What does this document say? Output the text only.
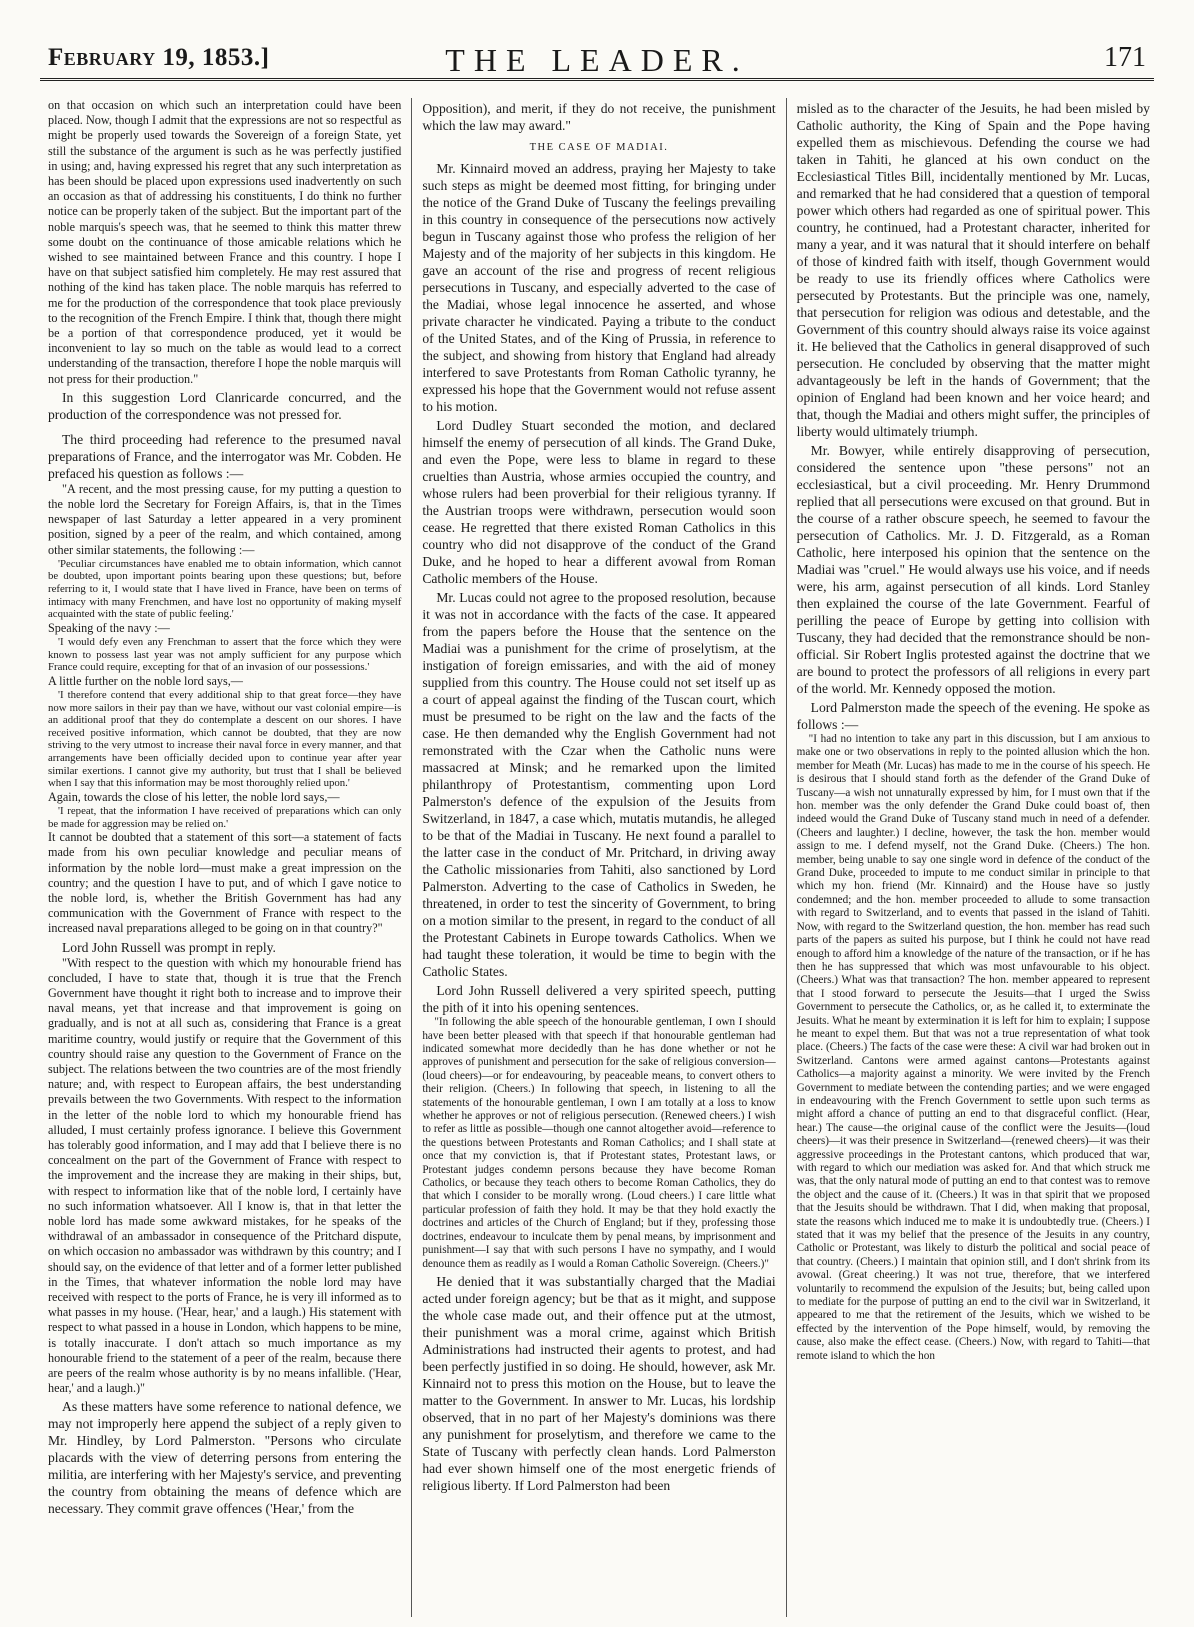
February 19, 1853.]	THE LEADER.	171

on that occasion on which such an interpretation could have been placed. Now, though I admit that the expressions are not so respectful as might be properly used towards the Sovereign of a foreign State, yet still the substance of the argument is such as he was perfectly justified in using; and, having expressed his regret that any such interpretation as has been should be placed upon expressions used inadvertently on such an occasion as that of addressing his constituents, I do think no further notice can be properly taken of the subject. But the important part of the noble marquis's speech was, that he seemed to think this matter threw some doubt on the continuance of those amicable relations which he wished to see maintained between France and this country. I hope I have on that subject satisfied him completely. He may rest assured that nothing of the kind has taken place. The noble marquis has referred to me for the production of the correspondence that took place previously to the recognition of the French Empire. I think that, though there might be a portion of that correspondence produced, yet it would be inconvenient to lay so much on the table as would lead to a correct understanding of the transaction, therefore I hope the noble marquis will not press for their production."

In this suggestion Lord Clanricarde concurred, and the production of the correspondence was not pressed for.

The third proceeding had reference to the presumed naval preparations of France, and the interrogator was Mr. Cobden. He prefaced his question as follows :—

"A recent, and the most pressing cause, for my putting a question to the noble lord the Secretary for Foreign Affairs, is, that in the Times newspaper of last Saturday a letter appeared in a very prominent position, signed by a peer of the realm, and which contained, among other similar statements, the following :—

'Peculiar circumstances have enabled me to obtain information, which cannot be doubted, upon important points bearing upon these questions; but, before referring to it, I would state that I have lived in France, have been on terms of intimacy with many Frenchmen, and have lost no opportunity of making myself acquainted with the state of public feeling.'

Speaking of the navy :—

'I would defy even any Frenchman to assert that the force which they were known to possess last year was not amply sufficient for any purpose which France could require, excepting for that of an invasion of our possessions.'

A little further on the noble lord says,—

'I therefore contend that every additional ship to that great force—they have now more sailors in their pay than we have, without our vast colonial empire—is an additional proof that they do contemplate a descent on our shores. I have received positive information, which cannot be doubted, that they are now striving to the very utmost to increase their naval force in every manner, and that arrangements have been officially decided upon to continue year after year similar exertions. I cannot give my authority, but trust that I shall be believed when I say that this information may be most thoroughly relied upon.'

Again, towards the close of his letter, the noble lord says,—

'I repeat, that the information I have received of preparations which can only be made for aggression may be relied on.'

It cannot be doubted that a statement of this sort—a statement of facts made from his own peculiar knowledge and peculiar means of information by the noble lord—must make a great impression on the country; and the question I have to put, and of which I gave notice to the noble lord, is, whether the British Government has had any communication with the Government of France with respect to the increased naval preparations alleged to be going on in that country?"

Lord John Russell was prompt in reply.

"With respect to the question with which my honourable friend has concluded, I have to state that, though it is true that the French Government have thought it right both to increase and to improve their naval means, yet that increase and that improvement is going on gradually, and is not at all such as, considering that France is a great maritime country, would justify or require that the Government of this country should raise any question to the Government of France on the subject. The relations between the two countries are of the most friendly nature; and, with respect to European affairs, the best understanding prevails between the two Governments. With respect to the information in the letter of the noble lord to which my honourable friend has alluded, I must certainly profess ignorance. I believe this Government has tolerably good information, and I may add that I believe there is no concealment on the part of the Government of France with respect to the improvement and the increase they are making in their ships, but, with respect to information like that of the noble lord, I certainly have no such information whatsoever. All I know is, that in that letter the noble lord has made some awkward mistakes, for he speaks of the withdrawal of an ambassador in consequence of the Pritchard dispute, on which occasion no ambassador was withdrawn by this country; and I should say, on the evidence of that letter and of a former letter published in the Times, that whatever information the noble lord may have received with respect to the ports of France, he is very ill informed as to what passes in my house. ('Hear, hear,' and a laugh.) His statement with respect to what passed in a house in London, which happens to be mine, is totally inaccurate. I don't attach so much importance as my honourable friend to the statement of a peer of the realm, because there are peers of the realm whose authority is by no means infallible. ('Hear, hear,' and a laugh.)"

As these matters have some reference to national defence, we may not improperly here append the subject of a reply given to Mr. Hindley, by Lord Palmerston. "Persons who circulate placards with the view of deterring persons from entering the militia, are interfering with her Majesty's service, and preventing the country from obtaining the means of defence which are necessary. They commit grave offences ('Hear,' from the

Opposition), and merit, if they do not receive, the punishment which the law may award."

THE CASE OF MADIAI.

Mr. Kinnaird moved an address, praying her Majesty to take such steps as might be deemed most fitting, for bringing under the notice of the Grand Duke of Tuscany the feelings prevailing in this country in consequence of the persecutions now actively begun in Tuscany against those who profess the religion of her Majesty and of the majority of her subjects in this kingdom. He gave an account of the rise and progress of recent religious persecutions in Tuscany, and especially adverted to the case of the Madiai, whose legal innocence he asserted, and whose private character he vindicated. Paying a tribute to the conduct of the United States, and of the King of Prussia, in reference to the subject, and showing from history that England had already interfered to save Protestants from Roman Catholic tyranny, he expressed his hope that the Government would not refuse assent to his motion.

Lord Dudley Stuart seconded the motion, and declared himself the enemy of persecution of all kinds. The Grand Duke, and even the Pope, were less to blame in regard to these cruelties than Austria, whose armies occupied the country, and whose rulers had been proverbial for their religious tyranny. If the Austrian troops were withdrawn, persecution would soon cease. He regretted that there existed Roman Catholics in this country who did not disapprove of the conduct of the Grand Duke, and he hoped to hear a different avowal from Roman Catholic members of the House.

Mr. Lucas could not agree to the proposed resolution, because it was not in accordance with the facts of the case. It appeared from the papers before the House that the sentence on the Madiai was a punishment for the crime of proselytism, at the instigation of foreign emissaries, and with the aid of money supplied from this country. The House could not set itself up as a court of appeal against the finding of the Tuscan court, which must be presumed to be right on the law and the facts of the case. He then demanded why the English Government had not remonstrated with the Czar when the Catholic nuns were massacred at Minsk; and he remarked upon the limited philanthropy of Protestantism, commenting upon Lord Palmerston's defence of the expulsion of the Jesuits from Switzerland, in 1847, a case which, mutatis mutandis, he alleged to be that of the Madiai in Tuscany. He next found a parallel to the latter case in the conduct of Mr. Pritchard, in driving away the Catholic missionaries from Tahiti, also sanctioned by Lord Palmerston. Adverting to the case of Catholics in Sweden, he threatened, in order to test the sincerity of Government, to bring on a motion similar to the present, in regard to the conduct of all the Protestant Cabinets in Europe towards Catholics. When we had taught these toleration, it would be time to begin with the Catholic States.

Lord John Russell delivered a very spirited speech, putting the pith of it into his opening sentences.

"In following the able speech of the honourable gentleman, I own I should have been better pleased with that speech if that honourable gentleman had indicated somewhat more decidedly than he has done whether or not he approves of punishment and persecution for the sake of religious conversion—(loud cheers)—or for endeavouring, by peaceable means, to convert others to their religion. (Cheers.) In following that speech, in listening to all the statements of the honourable gentleman, I own I am totally at a loss to know whether he approves or not of religious persecution. (Renewed cheers.) I wish to refer as little as possible—though one cannot altogether avoid—reference to the questions between Protestants and Roman Catholics; and I shall state at once that my conviction is, that if Protestant states, Protestant laws, or Protestant judges condemn persons because they have become Roman Catholics, or because they teach others to become Roman Catholics, they do that which I consider to be morally wrong. (Loud cheers.) I care little what particular profession of faith they hold. It may be that they hold exactly the doctrines and articles of the Church of England; but if they, professing those doctrines, endeavour to inculcate them by penal means, by imprisonment and punishment—I say that with such persons I have no sympathy, and I would denounce them as readily as I would a Roman Catholic Sovereign. (Cheers.)"

He denied that it was substantially charged that the Madiai acted under foreign agency; but be that as it might, and suppose the whole case made out, and their offence put at the utmost, their punishment was a moral crime, against which British Administrations had instructed their agents to protest, and had been perfectly justified in so doing. He should, however, ask Mr. Kinnaird not to press this motion on the House, but to leave the matter to the Government. In answer to Mr. Lucas, his lordship observed, that in no part of her Majesty's dominions was there any punishment for proselytism, and therefore we came to the State of Tuscany with perfectly clean hands. Lord Palmerston had ever shown himself one of the most energetic friends of religious liberty. If Lord Palmerston had been

misled as to the character of the Jesuits, he had been misled by Catholic authority, the King of Spain and the Pope having expelled them as mischievous. Defending the course we had taken in Tahiti, he glanced at his own conduct on the Ecclesiastical Titles Bill, incidentally mentioned by Mr. Lucas, and remarked that he had considered that a question of temporal power which others had regarded as one of spiritual power. This country, he continued, had a Protestant character, inherited for many a year, and it was natural that it should interfere on behalf of those of kindred faith with itself, though Government would be ready to use its friendly offices where Catholics were persecuted by Protestants. But the principle was one, namely, that persecution for religion was odious and detestable, and the Government of this country should always raise its voice against it. He believed that the Catholics in general disapproved of such persecution. He concluded by observing that the matter might advantageously be left in the hands of Government; that the opinion of England had been known and her voice heard; and that, though the Madiai and others might suffer, the principles of liberty would ultimately triumph.

Mr. Bowyer, while entirely disapproving of persecution, considered the sentence upon "these persons" not an ecclesiastical, but a civil proceeding. Mr. Henry Drummond replied that all persecutions were excused on that ground. But in the course of a rather obscure speech, he seemed to favour the persecution of Catholics. Mr. J. D. Fitzgerald, as a Roman Catholic, here interposed his opinion that the sentence on the Madiai was "cruel." He would always use his voice, and if needs were, his arm, against persecution of all kinds. Lord Stanley then explained the course of the late Government. Fearful of perilling the peace of Europe by getting into collision with Tuscany, they had decided that the remonstrance should be non-official. Sir Robert Inglis protested against the doctrine that we are bound to protect the professors of all religions in every part of the world. Mr. Kennedy opposed the motion.

Lord Palmerston made the speech of the evening. He spoke as follows :—

"I had no intention to take any part in this discussion, but I am anxious to make one or two observations in reply to the pointed allusion which the hon. member for Meath (Mr. Lucas) has made to me in the course of his speech. He is desirous that I should stand forth as the defender of the Grand Duke of Tuscany—a wish not unnaturally expressed by him, for I must own that if the hon. member was the only defender the Grand Duke could boast of, then indeed would the Grand Duke of Tuscany stand much in need of a defender. (Cheers and laughter.) I decline, however, the task the hon. member would assign to me. I defend myself, not the Grand Duke. (Cheers.) The hon. member, being unable to say one single word in defence of the conduct of the Grand Duke, proceeded to impute to me conduct similar in principle to that which my hon. friend (Mr. Kinnaird) and the House have so justly condemned; and the hon. member proceeded to allude to some transaction with regard to Switzerland, and to events that passed in the island of Tahiti. Now, with regard to the Switzerland question, the hon. member has read such parts of the papers as suited his purpose, but I think he could not have read enough to afford him a knowledge of the nature of the transaction, or if he has then he has suppressed that which was most unfavourable to his object. (Cheers.) What was that transaction? The hon. member appeared to represent that I stood forward to persecute the Jesuits—that I urged the Swiss Government to persecute the Catholics, or, as he called it, to exterminate the Jesuits. What he meant by extermination it is left for him to explain; I suppose he meant to expel them. But that was not a true representation of what took place. (Cheers.) The facts of the case were these: A civil war had broken out in Switzerland. Cantons were armed against cantons—Protestants against Catholics—a majority against a minority. We were invited by the French Government to mediate between the contending parties; and we were engaged in endeavouring with the French Government to settle upon such terms as might afford a chance of putting an end to that disgraceful conflict. (Hear, hear.) The cause—the original cause of the conflict were the Jesuits—(loud cheers)—it was their presence in Switzerland—(renewed cheers)—it was their aggressive proceedings in the Protestant cantons, which produced that war, with regard to which our mediation was asked for. And that which struck me was, that the only natural mode of putting an end to that contest was to remove the object and the cause of it. (Cheers.) It was in that spirit that we proposed that the Jesuits should be withdrawn. That I did, when making that proposal, state the reasons which induced me to make it is undoubtedly true. (Cheers.) I stated that it was my belief that the presence of the Jesuits in any country, Catholic or Protestant, was likely to disturb the political and social peace of that country. (Cheers.) I maintain that opinion still, and I don't shrink from its avowal. (Great cheering.) It was not true, therefore, that we interfered voluntarily to recommend the expulsion of the Jesuits; but, being called upon to mediate for the purpose of putting an end to the civil war in Switzerland, it appeared to me that the retirement of the Jesuits, which we wished to be effected by the intervention of the Pope himself, would, by removing the cause, also make the effect cease. (Cheers.) Now, with regard to Tahiti—that remote island to which the hon
